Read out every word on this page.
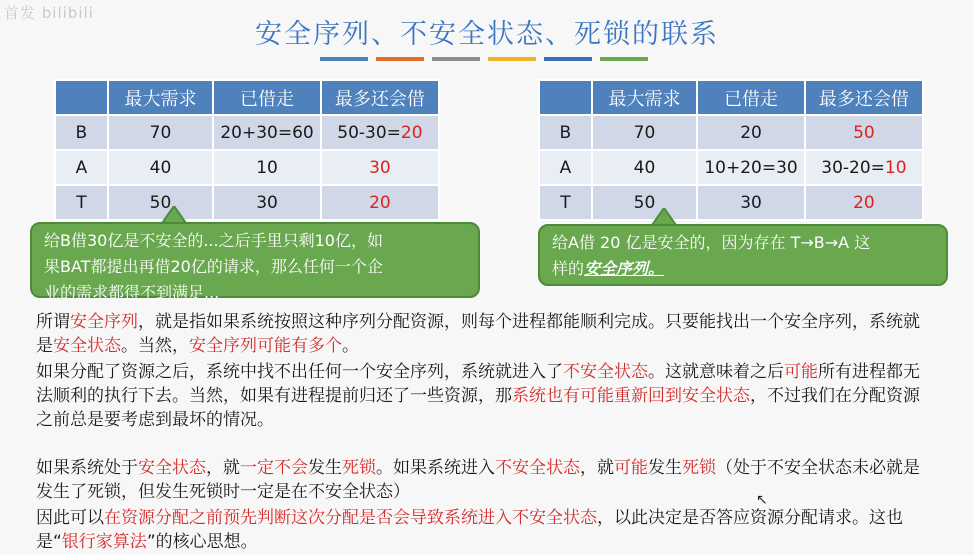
首发 bilibili
安全序列、不安全状态、死锁的联系
	最大需求	已借走	最多还会借
B	70	20+30=60	50-30=20
A	40	10	30
T	50	30	20
	最大需求	已借走	最多还会借
B	70	20	50
A	40	10+20=30	30-20=10
T	50	30	20
给B借30亿是不安全的...之后手里只剩10亿，如
果BAT都提出再借20亿的请求，那么任何一个企
业的需求都得不到满足...
给A借 20 亿是安全的，因为存在 T→B→A 这
样的安全序列。
所谓安全序列，就是指如果系统按照这种序列分配资源，则每个进程都能顺利完成。只要能找出一个安全序列，系统就是安全状态。当然，安全序列可能有多个。
如果分配了资源之后，系统中找不出任何一个安全序列，系统就进入了不安全状态。这就意味着之后可能所有进程都无法顺利的执行下去。当然，如果有进程提前归还了一些资源，那系统也有可能重新回到安全状态，不过我们在分配资源之前总是要考虑到最坏的情况。
如果系统处于安全状态，就一定不会发生死锁。如果系统进入不安全状态，就可能发生死锁（处于不安全状态未必就是发生了死锁，但发生死锁时一定是在不安全状态）
因此可以在资源分配之前预先判断这次分配是否会导致系统进入不安全状态，以此决定是否答应资源分配请求。这也是“银行家算法”的核心思想。
↖
